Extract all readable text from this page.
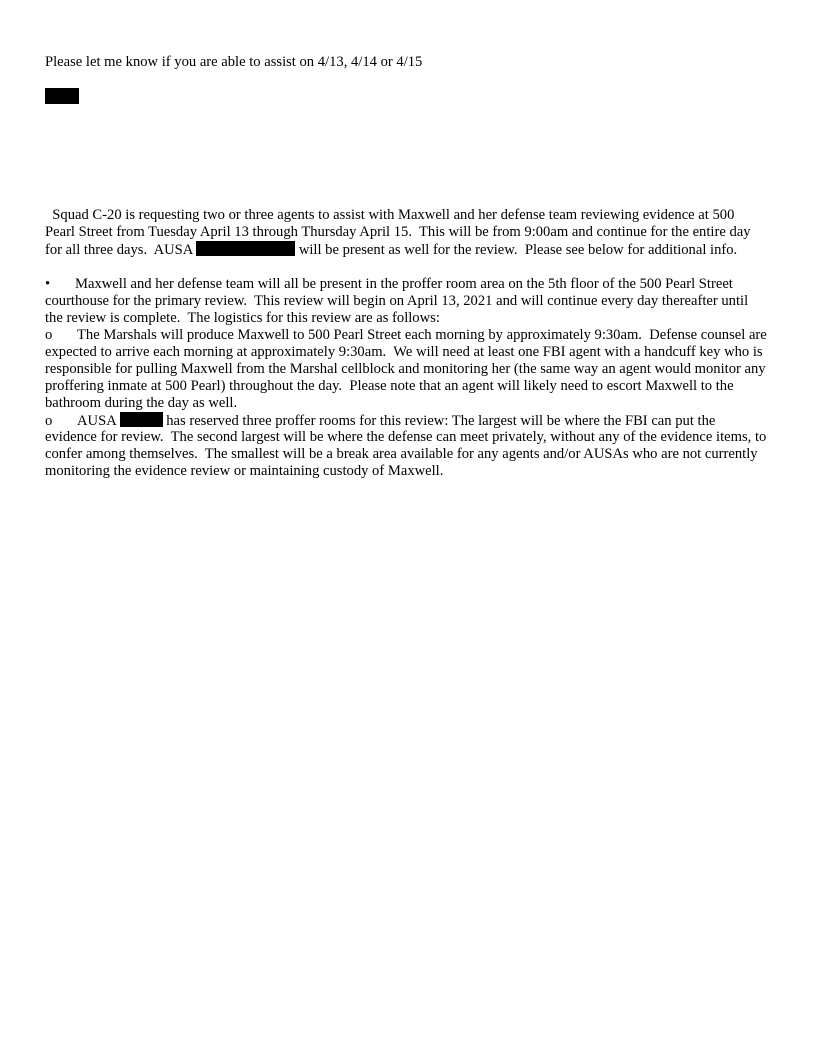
Please let me know if you are able to assist on 4/13, 4/14 or 4/15
Squad C-20 is requesting two or three agents to assist with Maxwell and her defense team reviewing evidence at 500
Pearl Street from Tuesday April 13 through Thursday April 15.  This will be from 9:00am and continue for the entire day
for all three days.  AUSA	will be present as well for the review.  Please see below for additional info.
• Maxwell and her defense team will all be present in the proffer room area on the 5th floor of the 500 Pearl Street
courthouse for the primary review.  This review will begin on April 13, 2021 and will continue every day thereafter until
the review is complete.  The logistics for this review are as follows:
o The Marshals will produce Maxwell to 500 Pearl Street each morning by approximately 9:30am.  Defense counsel are
expected to arrive each morning at approximately 9:30am.  We will need at least one FBI agent with a handcuff key who is
responsible for pulling Maxwell from the Marshal cellblock and monitoring her (the same way an agent would monitor any
proffering inmate at 500 Pearl) throughout the day.  Please note that an agent will likely need to escort Maxwell to the
bathroom during the day as well.
o AUSA	has reserved three proffer rooms for this review: The largest will be where the FBI can put the
evidence for review.  The second largest will be where the defense can meet privately, without any of the evidence items, to
confer among themselves.  The smallest will be a break area available for any agents and/or AUSAs who are not currently
monitoring the evidence review or maintaining custody of Maxwell.
